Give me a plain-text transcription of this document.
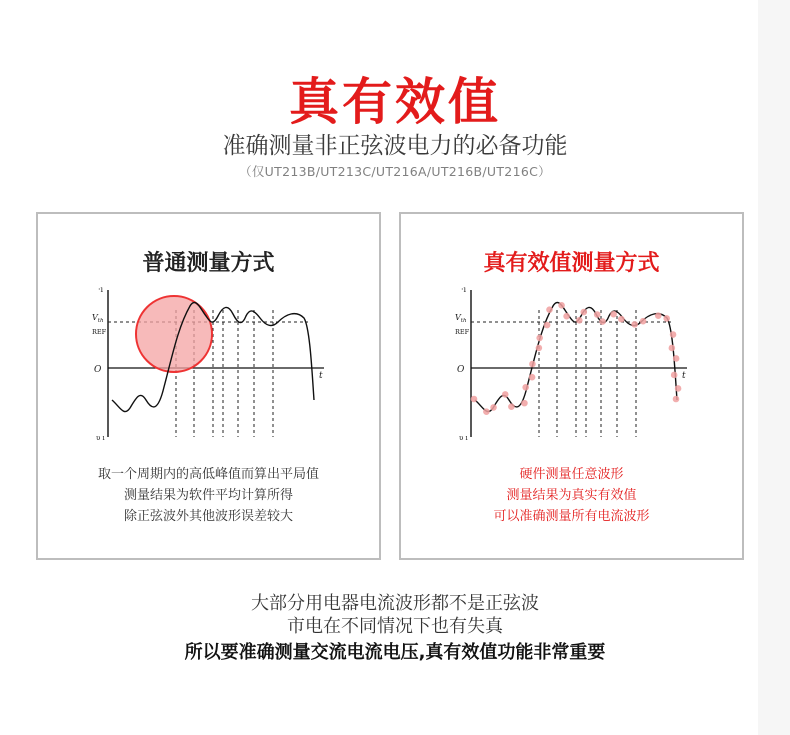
真有效值
准确测量非正弦波电力的必备功能
（仅UT213B/UT213C/UT216A/UT216B/UT216C）
普通测量方式
·ı
$V_{th}$
REF
O
t
υ ı
取一个周期内的高低峰值而算出平局值
测量结果为软件平均计算所得
除正弦波外其他波形误差较大
真有效值测量方式
·ı
$V_{th}$
REF
O
t
υ ı
硬件测量任意波形
测量结果为真实有效值
可以准确测量所有电流波形
大部分用电器电流波形都不是正弦波
市电在不同情况下也有失真
所以要准确测量交流电流电压,真有效值功能非常重要
